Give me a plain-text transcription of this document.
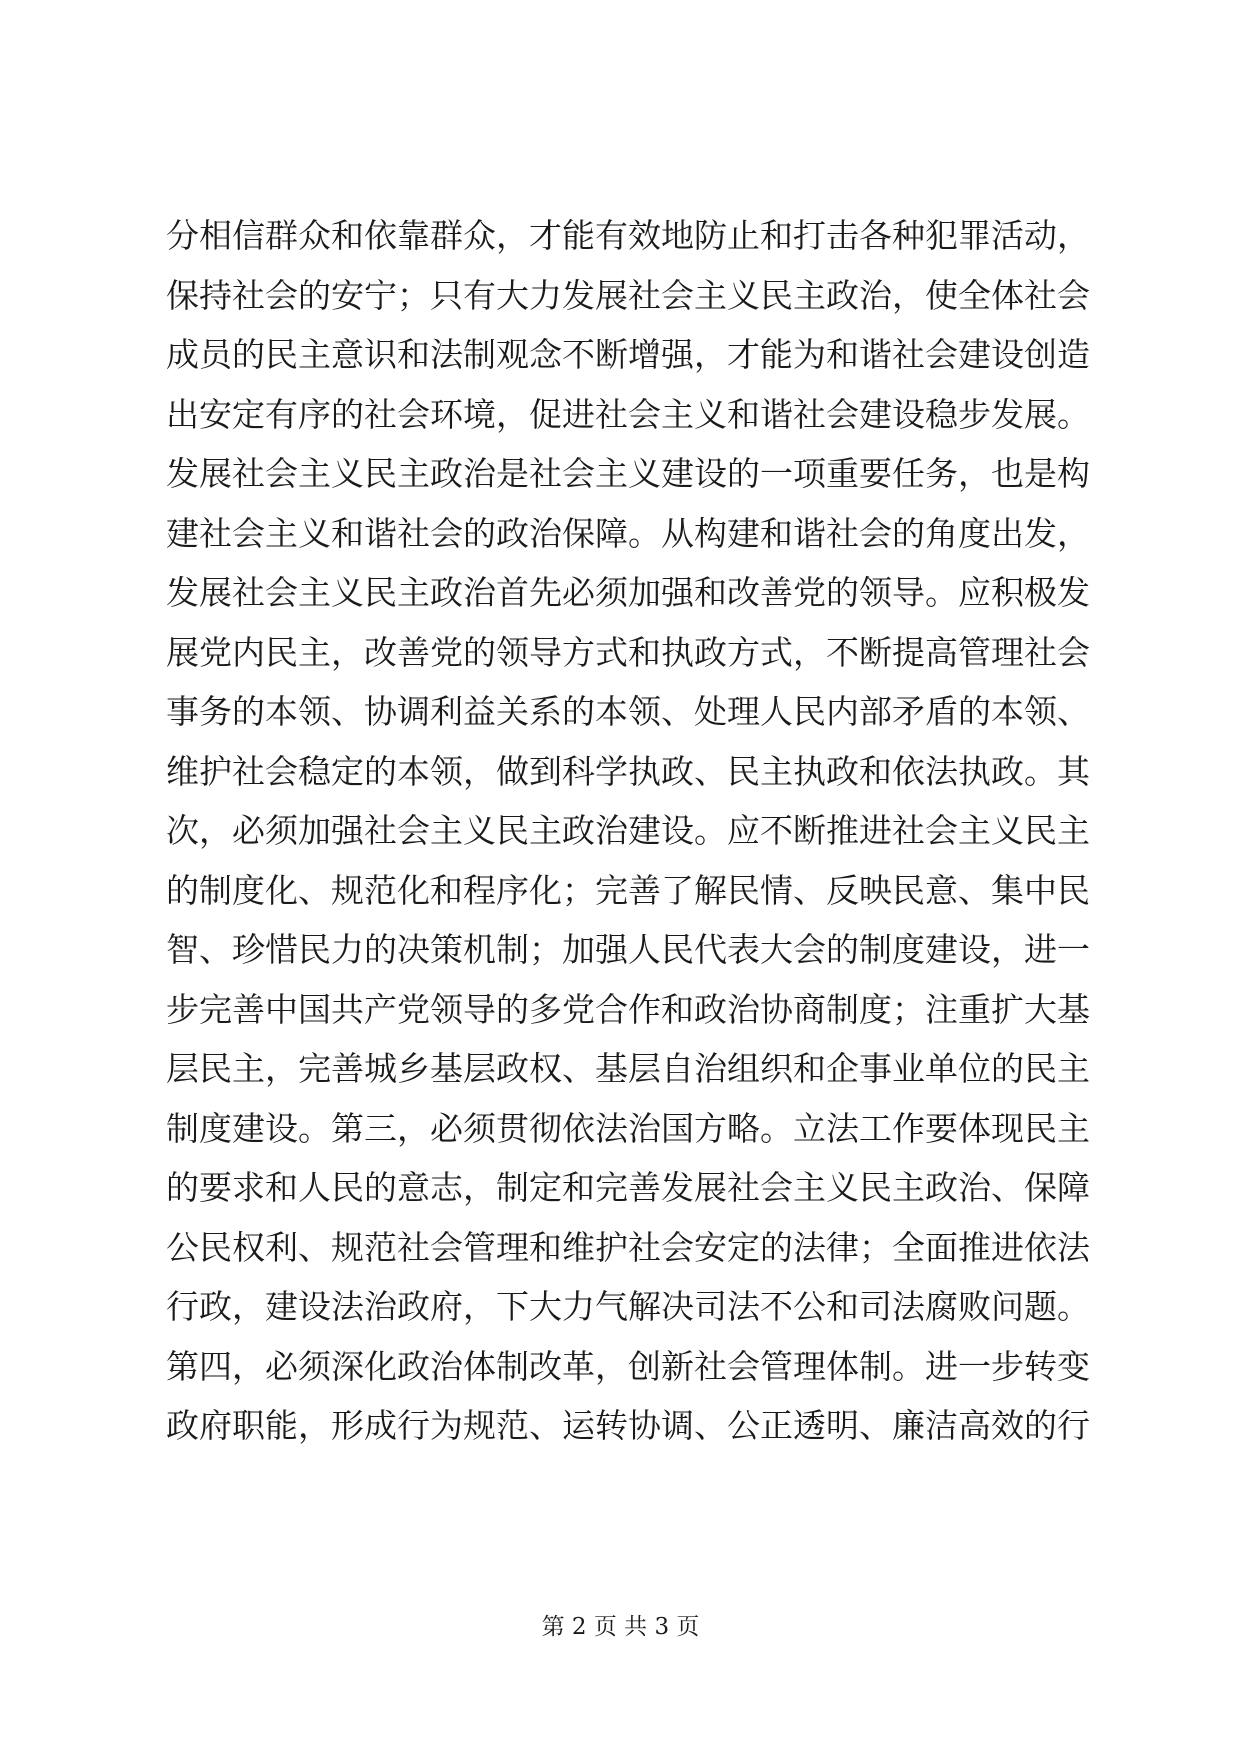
分相信群众和依靠群众，才能有效地防止和打击各种犯罪活动，
保持社会的安宁；只有大力发展社会主义民主政治，使全体社会
成员的民主意识和法制观念不断增强，才能为和谐社会建设创造
出安定有序的社会环境，促进社会主义和谐社会建设稳步发展。
发展社会主义民主政治是社会主义建设的一项重要任务，也是构
建社会主义和谐社会的政治保障。从构建和谐社会的角度出发，
发展社会主义民主政治首先必须加强和改善党的领导。应积极发
展党内民主，改善党的领导方式和执政方式，不断提高管理社会
事务的本领、协调利益关系的本领、处理人民内部矛盾的本领、
维护社会稳定的本领，做到科学执政、民主执政和依法执政。其
次，必须加强社会主义民主政治建设。应不断推进社会主义民主
的制度化、规范化和程序化；完善了解民情、反映民意、集中民
智、珍惜民力的决策机制；加强人民代表大会的制度建设，进一
步完善中国共产党领导的多党合作和政治协商制度；注重扩大基
层民主，完善城乡基层政权、基层自治组织和企事业单位的民主
制度建设。第三，必须贯彻依法治国方略。立法工作要体现民主
的要求和人民的意志，制定和完善发展社会主义民主政治、保障
公民权利、规范社会管理和维护社会安定的法律；全面推进依法
行政，建设法治政府，下大力气解决司法不公和司法腐败问题。
第四，必须深化政治体制改革，创新社会管理体制。进一步转变
政府职能，形成行为规范、运转协调、公正透明、廉洁高效的行
第 2 页 共 3 页
